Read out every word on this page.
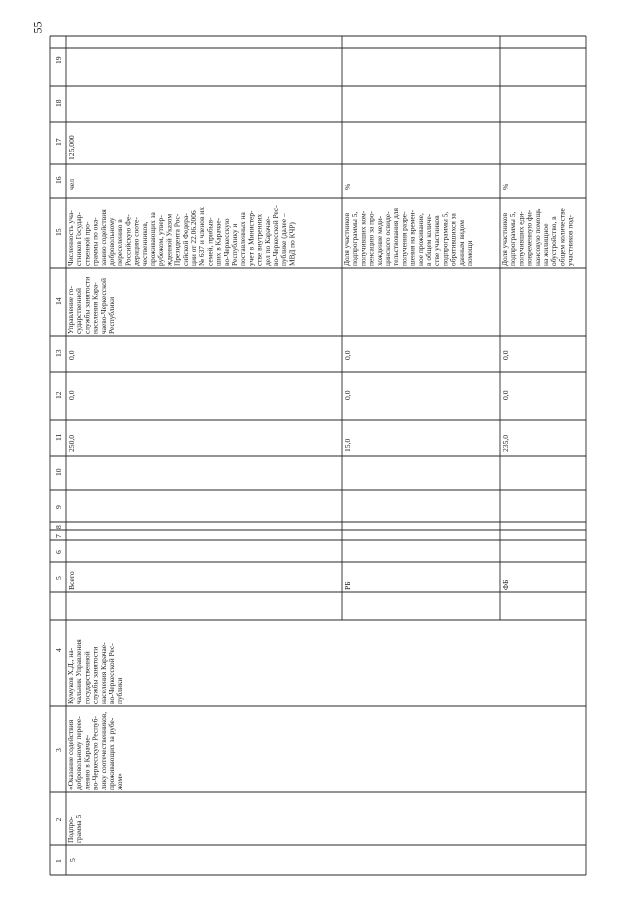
55
1
2
3
4
5
6
7
8
9
10
11
12
13
14
15
16
17
18
19
5
Подпро- грамма 5
«Оказание содействия добровольному переее- лению в Карачае- во-Черкесскую Респуб- лику соотечественников, проживающих за рубе- жом»
Кумуков Х.Д., на- чальник Управления государственной службы занятости населения Карачае- во-Черкесской Рес- публики
Всего
250,0
0,0
0,0
Управление го- сударственной службы занятости населения Кара- чаево-Черкесской Республики
Численность уча- стников Государ- ственной про- граммы по ока- занию содействия добровольному переселению в Российскую Фе- дерацию соотe- чественников, проживающих за рубежом, утвер- жденной Указом Президента Рос- сийской Федера- ции от 22.06.2006 № 637 и членов их семей, прибыв- ших в Карачае- во-Черкесскую Республику и поставленных на учет в Министер- стве внутренних дел по Карачае- во-Черкесской Рес- публике (далее – МВД по КЧР)
чел
125,000
РБ
15,0
0,0
0,0
Доля участников подпрограммы 5, получивших ком- пенсацию за про- хождение меди- цинского освиде- тельствования для получения разре- шения на времен- ное проживание, в общем количе- стве участников подпрограммы 5, обратившихся за данным видом помощи
%
ФБ
235,0
0,0
0,0
Доля участников подпрограммы 5, получивших еди- новременную фи- нансовую помощь на жилищное обустройство, в общем количестве участников под-
%
